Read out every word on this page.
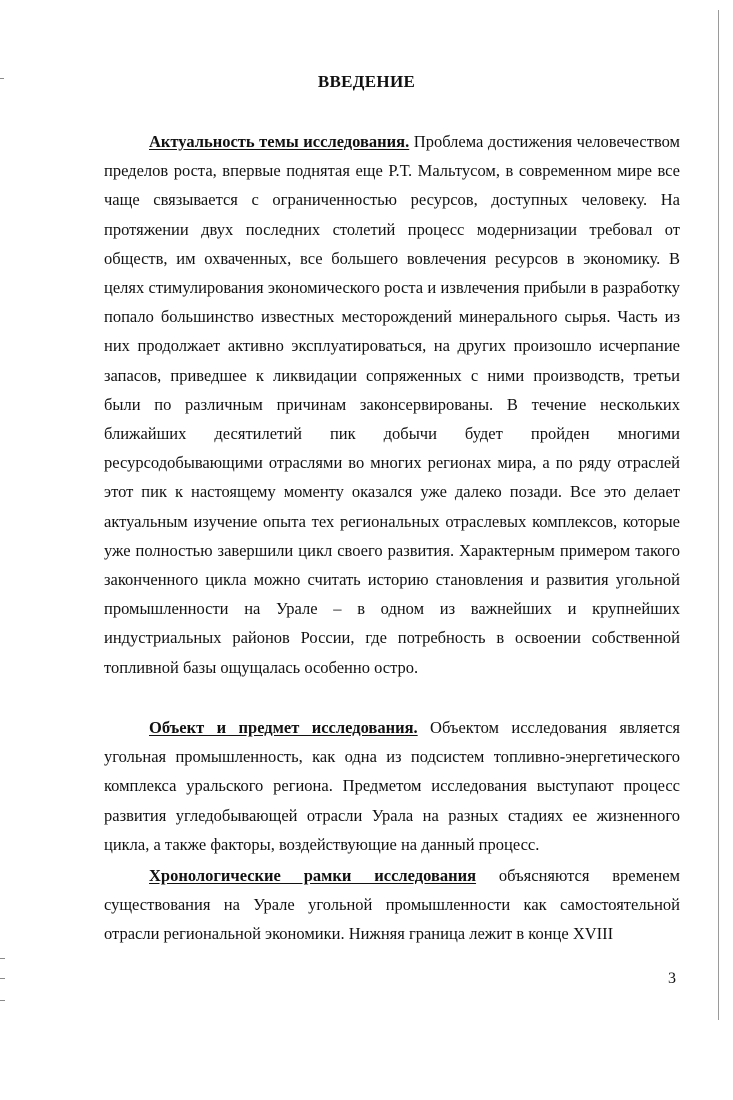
ВВЕДЕНИЕ

Актуальность темы исследования. Проблема достижения человечеством пределов роста, впервые поднятая еще Р.Т. Мальтусом, в современном мире все чаще связывается с ограниченностью ресурсов, доступных человеку. На протяжении двух последних столетий процесс модернизации требовал от обществ, им охваченных, все большего вовлечения ресурсов в экономику. В целях стимулирования экономического роста и извлечения прибыли в разработку попало большинство известных месторождений минерального сырья. Часть из них продолжает активно эксплуатироваться, на других произошло исчерпание запасов, приведшее к ликвидации сопряженных с ними производств, третьи были по различным причинам законсервированы. В течение нескольких ближайших десятилетий пик добычи будет пройден многими ресурсодобывающими отраслями во многих регионах мира, а по ряду отраслей этот пик к настоящему моменту оказался уже далеко позади. Все это делает актуальным изучение опыта тех региональных отраслевых комплексов, которые уже полностью завершили цикл своего развития. Характерным примером такого законченного цикла можно считать историю становления и развития угольной промышленности на Урале – в одном из важнейших и крупнейших индустриальных районов России, где потребность в освоении собственной топливной базы ощущалась особенно остро.

Объект и предмет исследования. Объектом исследования является угольная промышленность, как одна из подсистем топливно-энергетического комплекса уральского региона. Предметом исследования выступают процесс развития угледобывающей отрасли Урала на разных стадиях ее жизненного цикла, а также факторы, воздействующие на данный процесс.

Хронологические рамки исследования объясняются временем существования на Урале угольной промышленности как самостоятельной отрасли региональной экономики. Нижняя граница лежит в конце XVIII

3
